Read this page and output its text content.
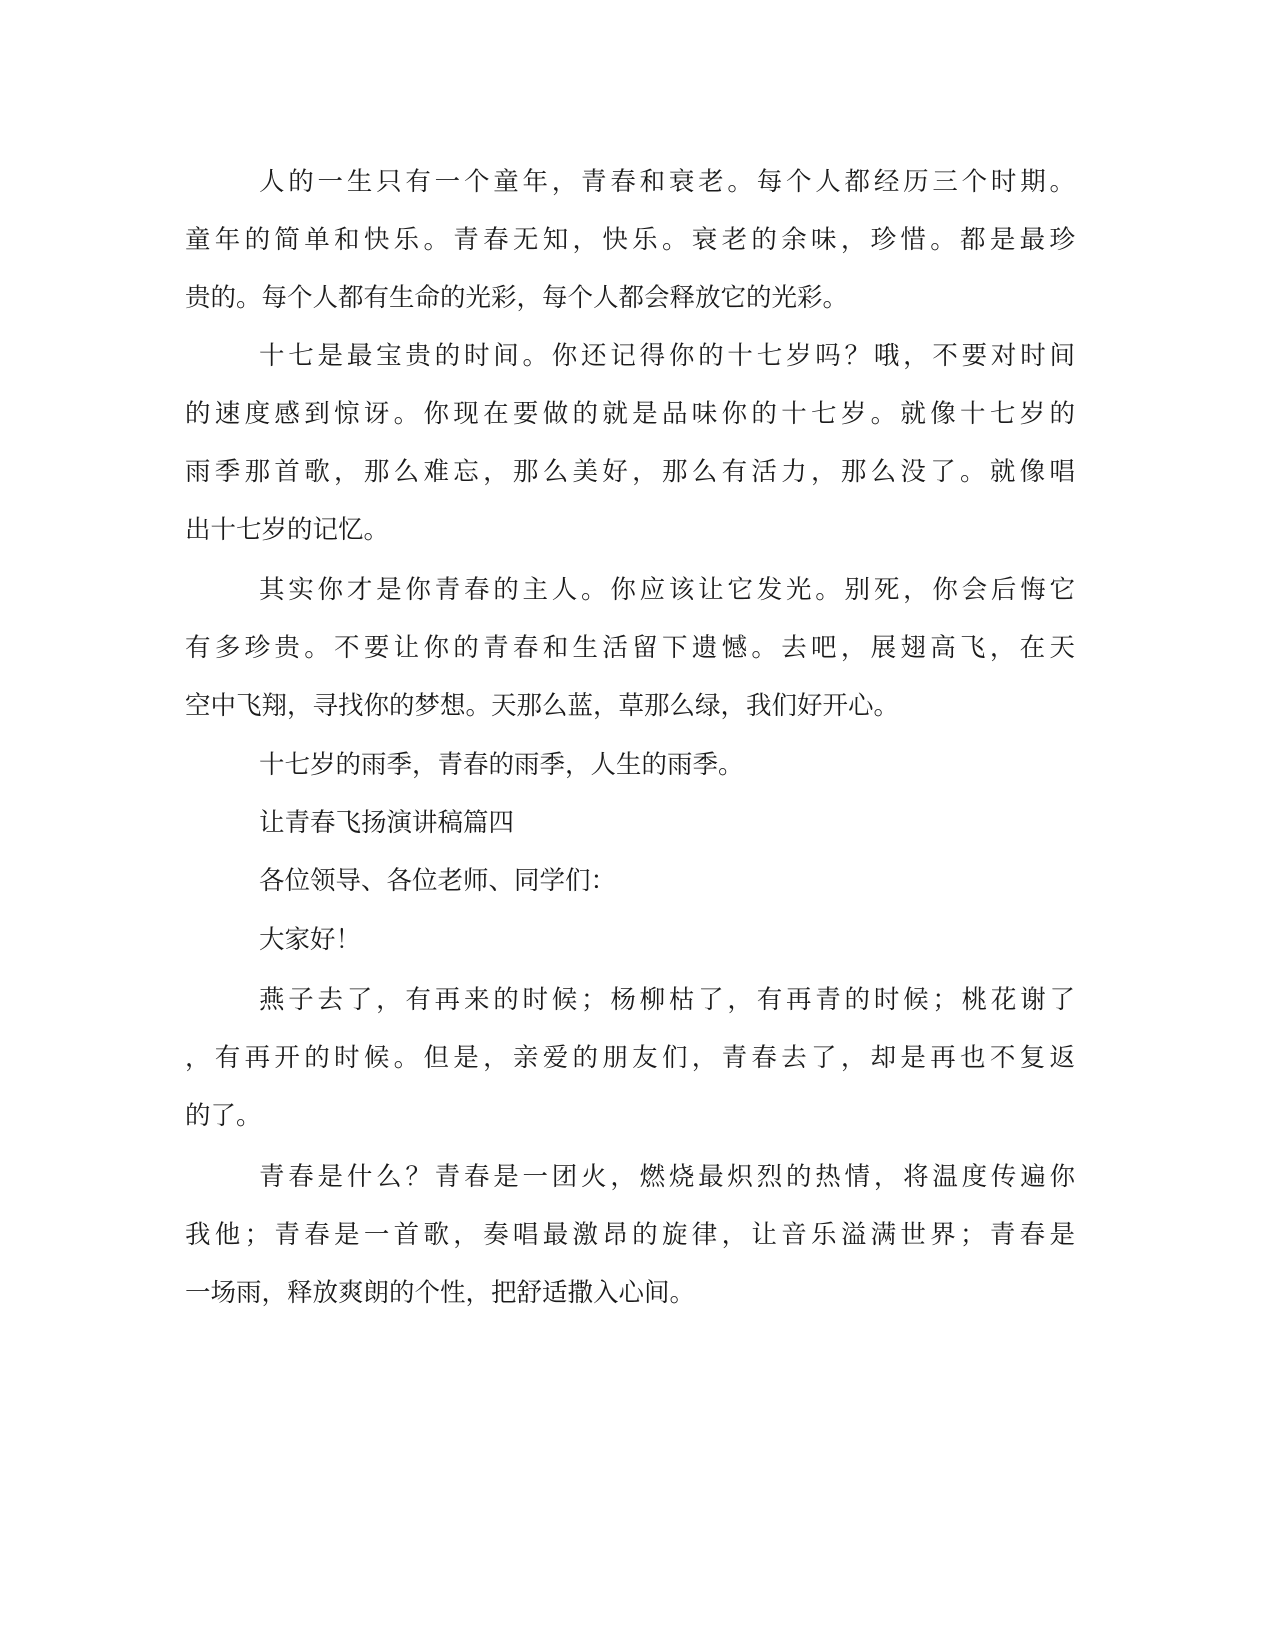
人的一生只有一个童年，青春和衰老。每个人都经历三个时期。
童年的简单和快乐。青春无知，快乐。衰老的余味，珍惜。都是最珍
贵的。每个人都有生命的光彩，每个人都会释放它的光彩。
十七是最宝贵的时间。你还记得你的十七岁吗？哦，不要对时间
的速度感到惊讶。你现在要做的就是品味你的十七岁。就像十七岁的
雨季那首歌，那么难忘，那么美好，那么有活力，那么没了。就像唱
出十七岁的记忆。
其实你才是你青春的主人。你应该让它发光。别死，你会后悔它
有多珍贵。不要让你的青春和生活留下遗憾。去吧，展翅高飞，在天
空中飞翔，寻找你的梦想。天那么蓝，草那么绿，我们好开心。
十七岁的雨季，青春的雨季，人生的雨季。
让青春飞扬演讲稿篇四
各位领导、各位老师、同学们：
大家好！
燕子去了，有再来的时候；杨柳枯了，有再青的时候；桃花谢了
，有再开的时候。但是，亲爱的朋友们，青春去了，却是再也不复返
的了。
青春是什么？青春是一团火，燃烧最炽烈的热情，将温度传遍你
我他；青春是一首歌，奏唱最激昂的旋律，让音乐溢满世界；青春是
一场雨，释放爽朗的个性，把舒适撒入心间。
